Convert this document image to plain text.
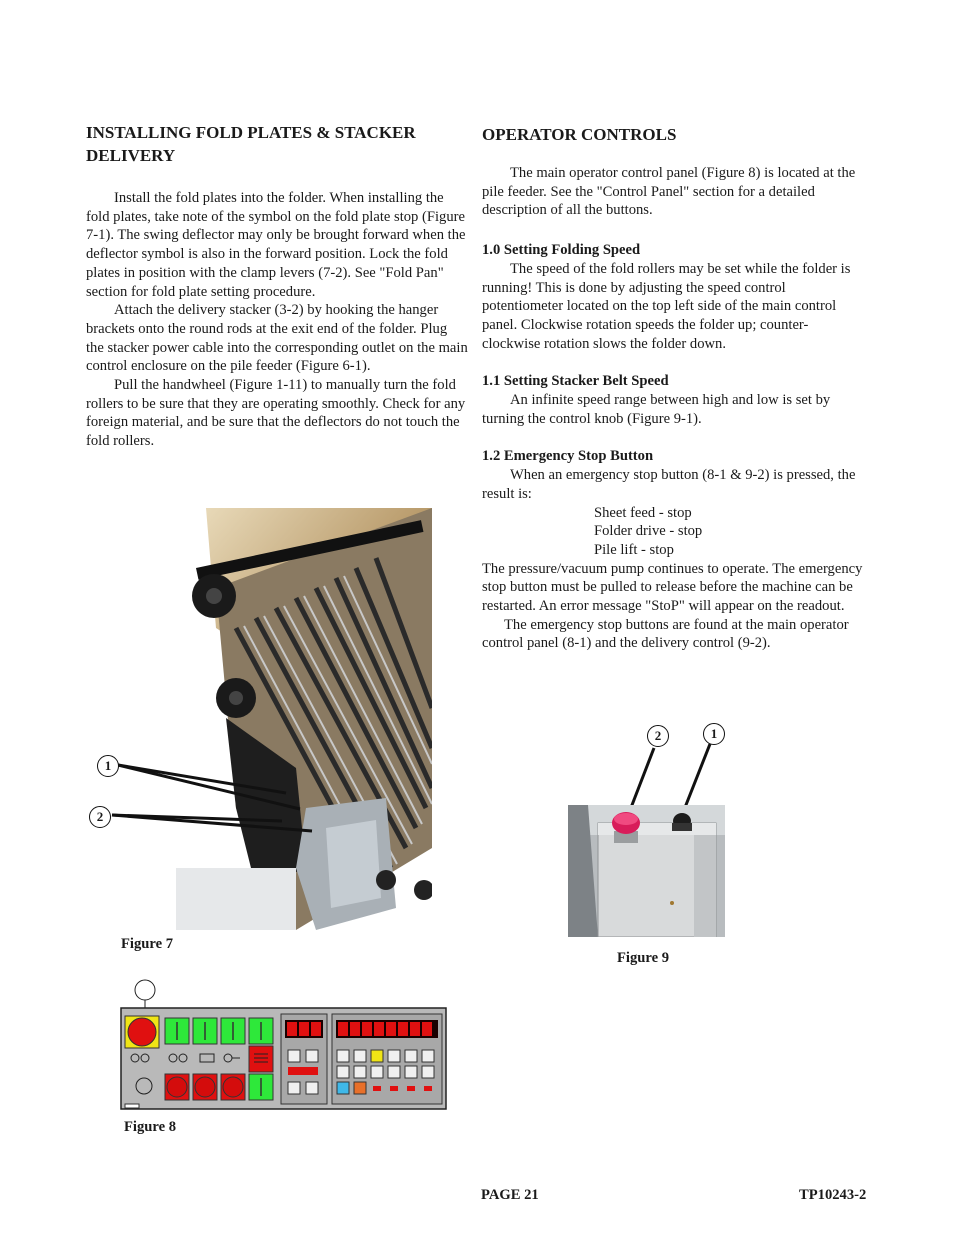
INSTALLING FOLD PLATES & STACKER DELIVERY

Install the fold plates into the folder. When installing the fold plates, take note of the symbol on the fold plate stop (Figure 7-1). The swing deflector may only be brought forward when the deflector symbol is also in the forward position. Lock the fold plates in position with the clamp levers (7-2). See "Fold Pan" section for fold plate setting procedure.

Attach the delivery stacker (3-2) by hooking the hanger brackets onto the round rods at the exit end of the folder. Plug the stacker power cable into the corresponding outlet on the main control enclosure on the pile feeder (Figure 6-1).

Pull the handwheel (Figure 1-11) to manually turn the fold rollers to be sure that they are operating smoothly. Check for any foreign material, and be sure that the deflectors do not touch the fold rollers.

1
2
Figure 7
Figure 8
OPERATOR CONTROLS

The main operator control panel (Figure 8) is located at the pile feeder. See the "Control Panel" section for a detailed description of all the buttons.

1.0 Setting Folding Speed

The speed of the fold rollers may be set while the folder is running! This is done by adjusting the speed control potentiometer located on the top left side of the main control panel. Clockwise rotation speeds the folder up; counter-clockwise rotation slows the folder down.

1.1 Setting Stacker Belt Speed

An infinite speed range between high and low is set by turning the control knob (Figure 9-1).

1.2 Emergency Stop Button

When an emergency stop button (8-1 & 9-2) is pressed, the result is:

Sheet feed - stop

Folder drive - stop

Pile lift - stop

The pressure/vacuum pump continues to operate. The emergency stop button must be pulled to release before the machine can be restarted. An error message "StoP" will appear on the readout.

The emergency stop buttons are found at the main operator control panel (8-1) and the delivery control (9-2).

2	1
Figure 9
PAGE 21	TP10243-2
